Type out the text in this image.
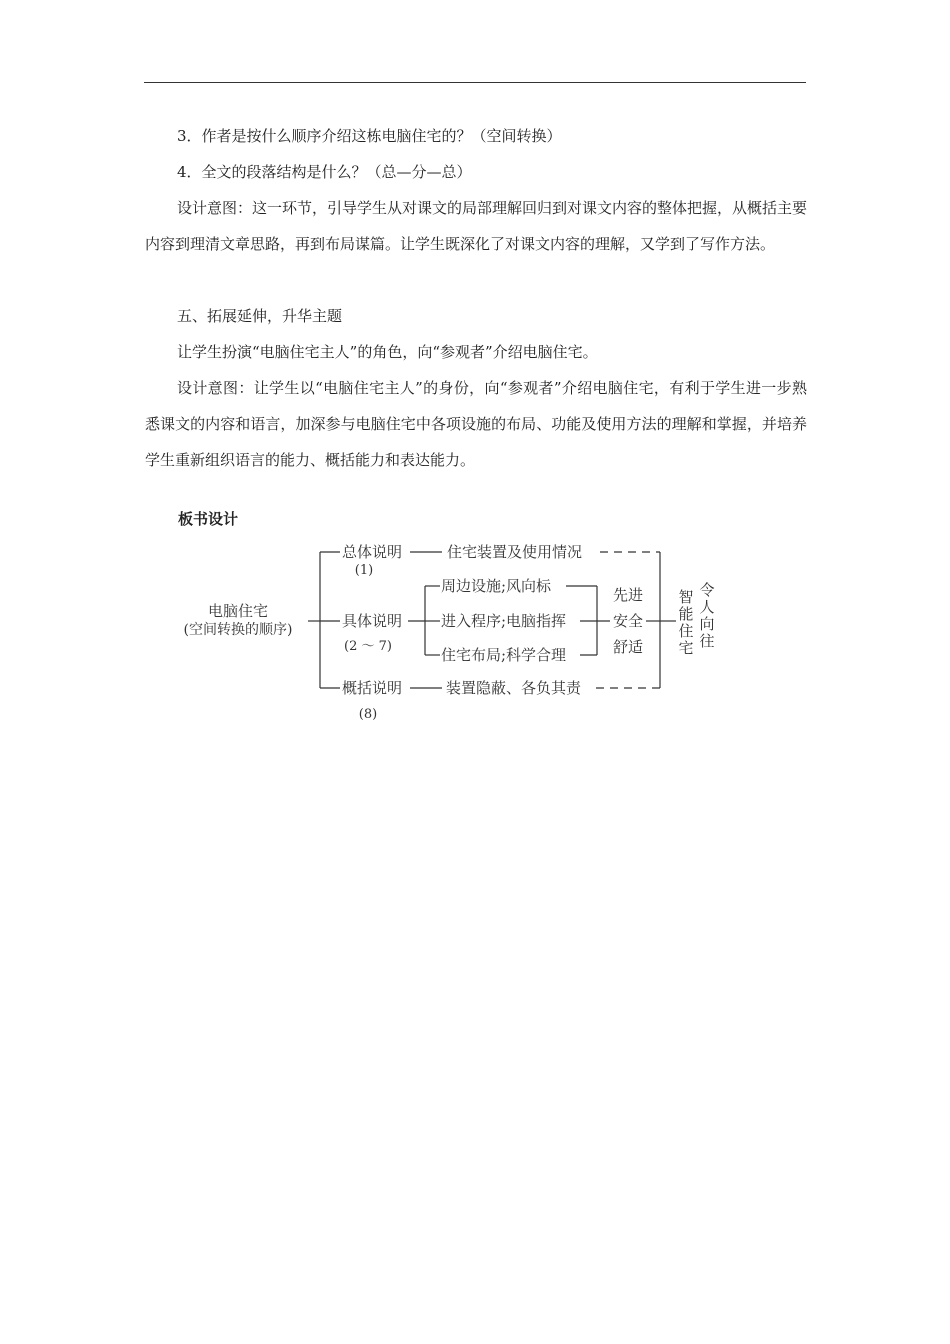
3．作者是按什么顺序介绍这栋电脑住宅的？（空间转换）

4．全文的段落结构是什么？（总—分—总）

设计意图：这一环节，引导学生从对课文的局部理解回归到对课文内容的整体把握，从概括主要内容到理清文章思路，再到布局谋篇。让学生既深化了对课文内容的理解，又学到了写作方法。

五、拓展延伸，升华主题

让学生扮演“电脑住宅主人”的角色，向“参观者”介绍电脑住宅。

设计意图：让学生以“电脑住宅主人”的身份，向“参观者”介绍电脑住宅，有利于学生进一步熟悉课文的内容和语言，加深参与电脑住宅中各项设施的布局、功能及使用方法的理解和掌握，并培养学生重新组织语言的能力、概括能力和表达能力。

板书设计
电脑住宅
(空间转换的顺序)
总体说明
(1)
住宅装置及使用情况
具体说明
(2 ～ 7)
周边设施;风向标
进入程序;电脑指挥
住宅布局;科学合理
概括说明
(8)
装置隐蔽、各负其责
先进
安全
舒适
智
能
住
宅
令
人
向
往
